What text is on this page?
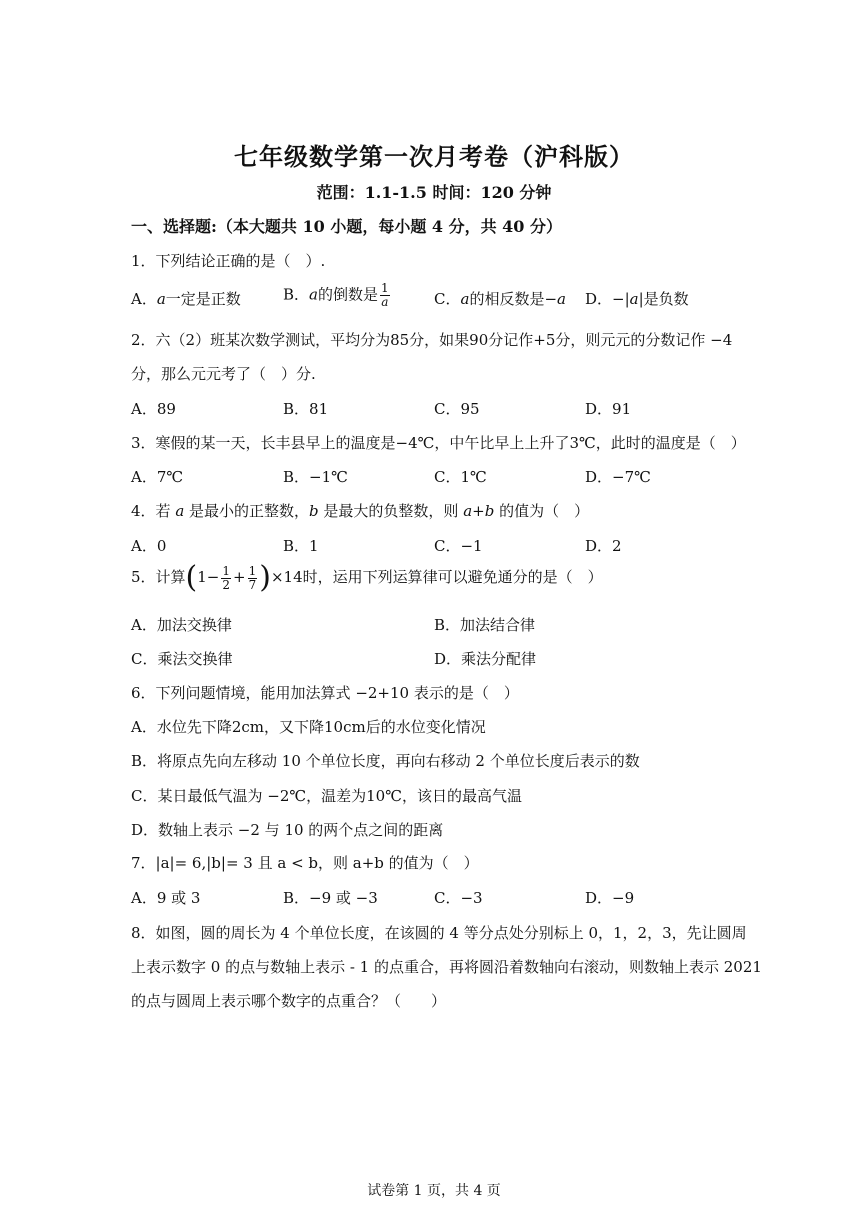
七年级数学第一次月考卷（沪科版）
范围：1.1-1.5 时间：120 分钟
一、选择题:（本大题共 10 小题，每小题 4 分，共 40 分）
1．下列结论正确的是（　）.
A．a一定是正数	B．a的倒数是 $\frac{1}{a}$	C．a的相反数是−a D．−|a|是负数
2．六（2）班某次数学测试，平均分为85分，如果90分记作+5分，则元元的分数记作 −4
分，那么元元考了（　）分.
A．89	B．81	C．95	D．91
3．寒假的某一天，长丰县早上的温度是−4℃，中午比早上上升了3℃，此时的温度是（　）
A．7℃	B．−1℃	C．1℃	D．−7℃
4．若 a 是最小的正整数，b 是最大的负整数，则 a+b 的值为（　）
A．0	B．1	C．−1	D．2
5．计算$(1- \frac{1}{2} + \frac{1}{7} )\times 14$时，运用下列运算律可以避免通分的是（　）
A．加法交换律	B．加法结合律
C．乘法交换律	D．乘法分配律
6．下列问题情境，能用加法算式 −2+10 表示的是（　）
A．水位先下降2cm，又下降10cm后的水位变化情况
B．将原点先向左移动 10 个单位长度，再向右移动 2 个单位长度后表示的数
C．某日最低气温为 −2℃，温差为10℃，该日的最高气温
D．数轴上表示 −2 与 10 的两个点之间的距离
7．|a|= 6,|b|= 3 且 a < b，则 a+b 的值为（　）
A．9 或 3	B．−9 或 −3	C．−3	D．−9
8．如图，圆的周长为 4 个单位长度，在该圆的 4 等分点处分别标上 0，1，2，3，先让圆周
上表示数字 0 的点与数轴上表示 - 1 的点重合，再将圆沿着数轴向右滚动，则数轴上表示 2021
的点与圆周上表示哪个数字的点重合？（　　）
试卷第 1 页，共 4 页
